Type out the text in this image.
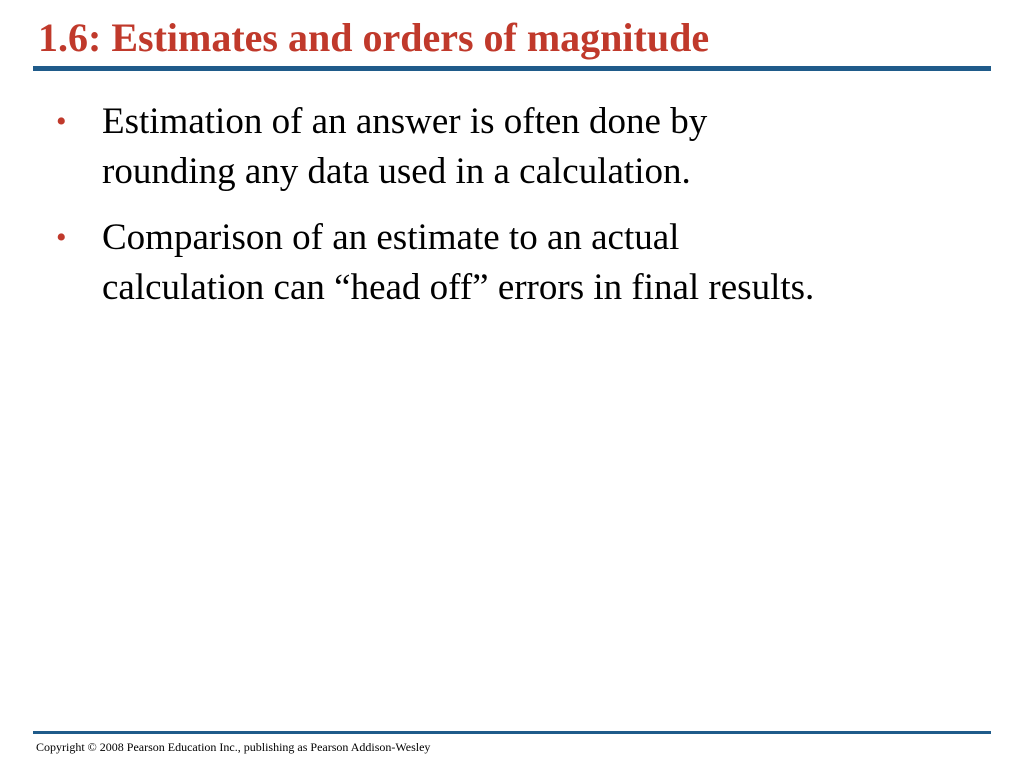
1.6: Estimates and orders of magnitude
• Estimation of an answer is often done by rounding any data used in a calculation.
• Comparison of an estimate to an actual calculation can “head off” errors in final results.
Copyright © 2008 Pearson Education Inc., publishing as Pearson Addison-Wesley
